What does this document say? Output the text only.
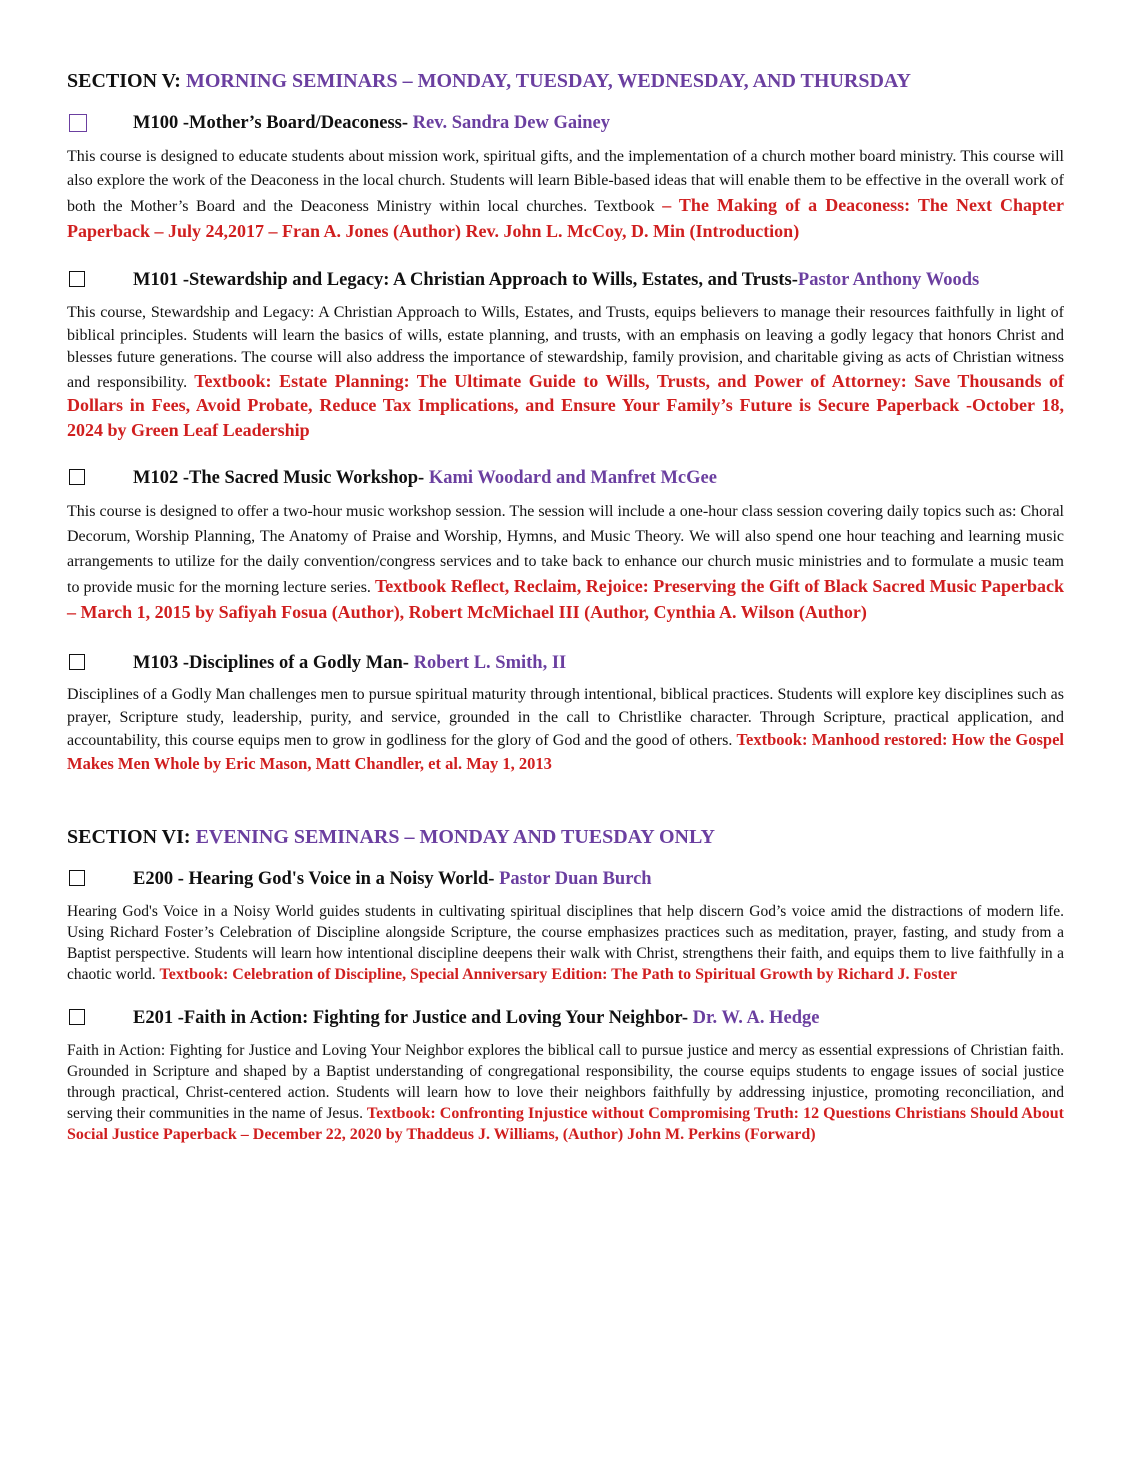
SECTION V: MORNING SEMINARS – MONDAY, TUESDAY, WEDNESDAY, AND THURSDAY
M100 -Mother’s Board/Deaconess- Rev. Sandra Dew Gainey

This course is designed to educate students about mission work, spiritual gifts, and the implementation of a church mother board ministry. This course will also explore the work of the Deaconess in the local church. Students will learn Bible-based ideas that will enable them to be effective in the overall work of both the Mother’s Board and the Deaconess Ministry within local churches. Textbook – The Making of a Deaconess: The Next Chapter Paperback – July 24,2017 – Fran A. Jones (Author) Rev. John L. McCoy, D. Min (Introduction)

M101 -Stewardship and Legacy: A Christian Approach to Wills, Estates, and Trusts-Pastor Anthony Woods

This course, Stewardship and Legacy: A Christian Approach to Wills, Estates, and Trusts, equips believers to manage their resources faithfully in light of biblical principles. Students will learn the basics of wills, estate planning, and trusts, with an emphasis on leaving a godly legacy that honors Christ and blesses future generations. The course will also address the importance of stewardship, family provision, and charitable giving as acts of Christian witness and responsibility. Textbook: Estate Planning: The Ultimate Guide to Wills, Trusts, and Power of Attorney: Save Thousands of Dollars in Fees, Avoid Probate, Reduce Tax Implications, and Ensure Your Family’s Future is Secure Paperback -October 18, 2024 by Green Leaf Leadership

M102 -The Sacred Music Workshop- Kami Woodard and Manfret McGee

This course is designed to offer a two-hour music workshop session. The session will include a one-hour class session covering daily topics such as: Choral Decorum, Worship Planning, The Anatomy of Praise and Worship, Hymns, and Music Theory. We will also spend one hour teaching and learning music arrangements to utilize for the daily convention/congress services and to take back to enhance our church music ministries and to formulate a music team to provide music for the morning lecture series. Textbook Reflect, Reclaim, Rejoice: Preserving the Gift of Black Sacred Music Paperback – March 1, 2015 by Safiyah Fosua (Author), Robert McMichael III (Author, Cynthia A. Wilson (Author)

M103 -Disciplines of a Godly Man- Robert L. Smith, II

Disciplines of a Godly Man challenges men to pursue spiritual maturity through intentional, biblical practices. Students will explore key disciplines such as prayer, Scripture study, leadership, purity, and service, grounded in the call to Christlike character. Through Scripture, practical application, and accountability, this course equips men to grow in godliness for the glory of God and the good of others. Textbook: Manhood restored: How the Gospel Makes Men Whole by Eric Mason, Matt Chandler, et al. May 1, 2013

SECTION VI: EVENING SEMINARS – MONDAY AND TUESDAY ONLY
E200 - Hearing God's Voice in a Noisy World- Pastor Duan Burch

Hearing God's Voice in a Noisy World guides students in cultivating spiritual disciplines that help discern God’s voice amid the distractions of modern life. Using Richard Foster’s Celebration of Discipline alongside Scripture, the course emphasizes practices such as meditation, prayer, fasting, and study from a Baptist perspective. Students will learn how intentional discipline deepens their walk with Christ, strengthens their faith, and equips them to live faithfully in a chaotic world. Textbook: Celebration of Discipline, Special Anniversary Edition: The Path to Spiritual Growth by Richard J. Foster

E201 -Faith in Action: Fighting for Justice and Loving Your Neighbor- Dr. W. A. Hedge

Faith in Action: Fighting for Justice and Loving Your Neighbor explores the biblical call to pursue justice and mercy as essential expressions of Christian faith. Grounded in Scripture and shaped by a Baptist understanding of congregational responsibility, the course equips students to engage issues of social justice through practical, Christ-centered action. Students will learn how to love their neighbors faithfully by addressing injustice, promoting reconciliation, and serving their communities in the name of Jesus. Textbook: Confronting Injustice without Compromising Truth: 12 Questions Christians Should About Social Justice Paperback – December 22, 2020 by Thaddeus J. Williams, (Author) John M. Perkins (Forward)
